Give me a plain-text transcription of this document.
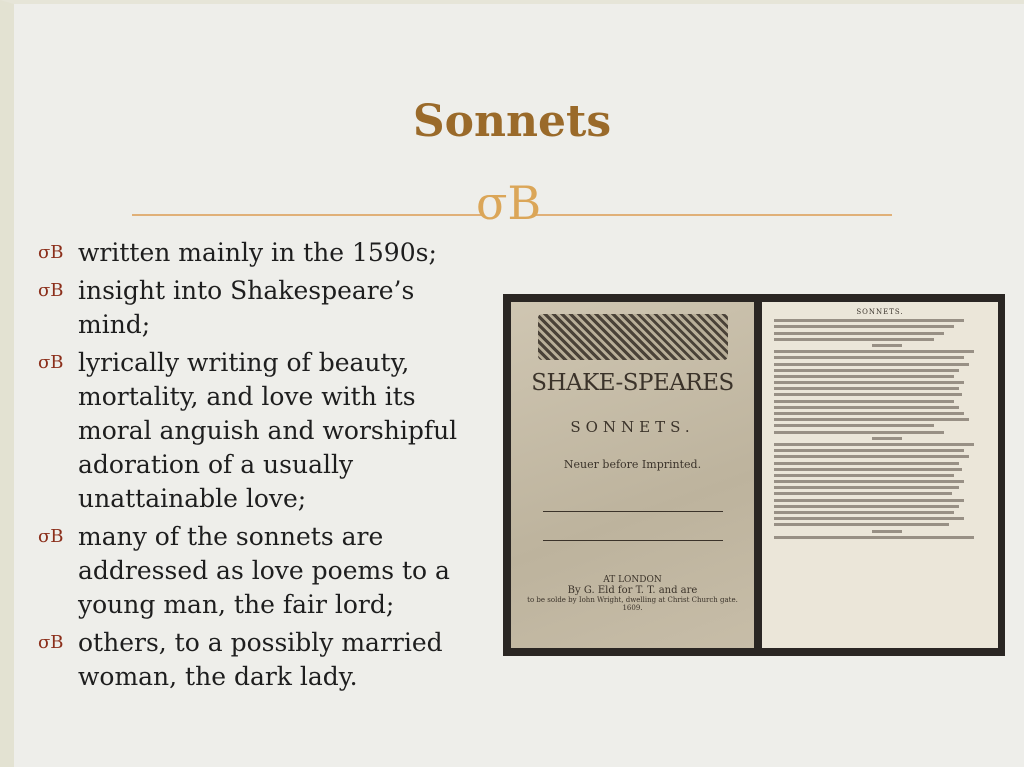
Sonnets
σΒ
σΒ written mainly in the 1590s;
σΒ insight into Shakespeare’s mind;
σΒ lyrically writing of beauty, mortality, and love with its moral anguish and worshipful adoration of a usually unattainable love;
σΒ many of the sonnets are addressed as love poems to a young man, the fair lord;
σΒ others, to a possibly married woman, the dark lady.
SHAKE-SPEARES
SONNETS.
Neuer before Imprinted.
AT LONDON
By G. Eld for T. T. and are
to be solde by Iohn Wright, dwelling at Christ Church gate.
1609.
SONNETS.
